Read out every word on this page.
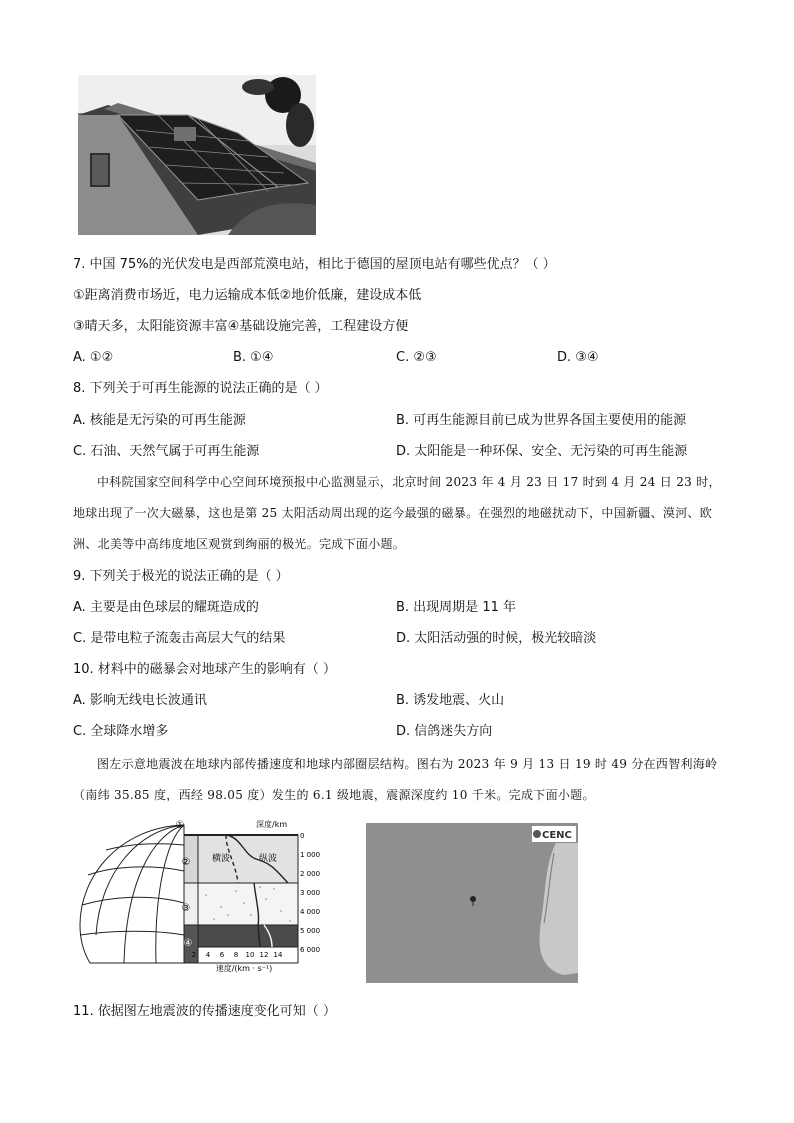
7. 中国 75%的光伏发电是西部荒漠电站，相比于德国的屋顶电站有哪些优点？（ ）
①距离消费市场近，电力运输成本低②地价低廉，建设成本低
③晴天多，太阳能资源丰富④基础设施完善，工程建设方便
A. ①②	B. ①④	C. ②③	D. ③④
8. 下列关于可再生能源的说法正确的是（ ）
A. 核能是无污染的可再生能源	B. 可再生能源目前已成为世界各国主要使用的能源
C. 石油、天然气属于可再生能源	D. 太阳能是一种环保、安全、无污染的可再生能源
中科院国家空间科学中心空间环境预报中心监测显示，北京时间 2023 年 4 月 23 日 17 时到 4 月 24 日 23 时，地球出现了一次大磁暴，这也是第 25 太阳活动周出现的迄今最强的磁暴。在强烈的地磁扰动下，中国新疆、漠河、欧洲、北美等中高纬度地区观赏到绚丽的极光。完成下面小题。
9. 下列关于极光的说法正确的是（ ）
A. 主要是由色球层的耀斑造成的	B. 出现周期是 11 年
C. 是带电粒子流轰击高层大气的结果	D. 太阳活动强的时候，极光较暗淡
10. 材料中的磁暴会对地球产生的影响有（ ）
A. 影响无线电长波通讯	B. 诱发地震、火山
C. 全球降水增多	D. 信鸽迷失方向
图左示意地震波在地球内部传播速度和地球内部圈层结构。图右为 2023 年 9 月 13 日 19 时 49 分在西智利海岭（南纬 35.85 度，西经 98.05 度）发生的 6.1 级地震，震源深度约 10 千米。完成下面小题。
①
②
③
④
横波	纵波
深度/km
0
1 000
2 000
3 000
4 000
5 000
6 000
2 4 6 8 10 12 14
速度/(km · s⁻¹)
CENC
11. 依据图左地震波的传播速度变化可知（ ）
